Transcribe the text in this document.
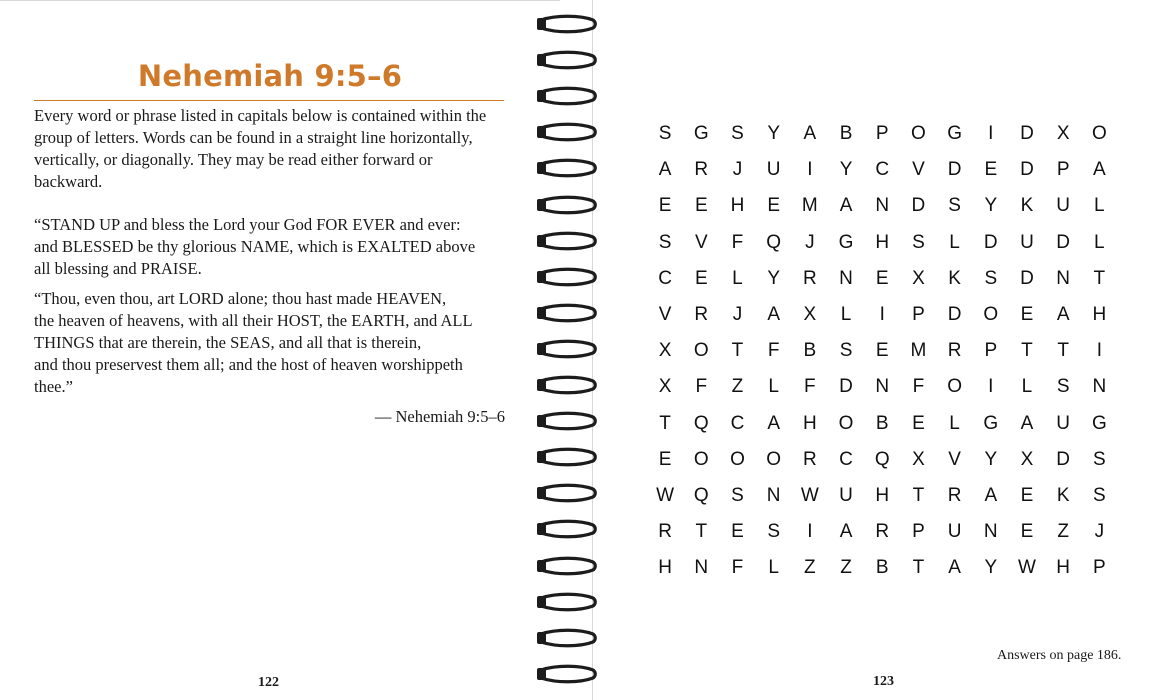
Nehemiah 9:5–6
Every word or phrase listed in capitals below is contained within the
group of letters. Words can be found in a straight line horizontally,
vertically, or diagonally. They may be read either forward or
backward.
“STAND UP and bless the Lord your God FOR EVER and ever:
and BLESSED be thy glorious NAME, which is EXALTED above
all blessing and PRAISE.
“Thou, even thou, art LORD alone; thou hast made HEAVEN,
the heaven of heavens, with all their HOST, the EARTH, and ALL
THINGS that are therein, the SEAS, and all that is therein,
and thou preservest them all; and the host of heaven worshippeth
thee.”
— Nehemiah 9:5–6
122
S	G	S	Y	A	B	P	O	G	I	D	X	O
A	R	J	U	I	Y	C	V	D	E	D	P	A
E	E	H	E	M	A	N	D	S	Y	K	U	L
S	V	F	Q	J	G	H	S	L	D	U	D	L
C	E	L	Y	R	N	E	X	K	S	D	N	T
V	R	J	A	X	L	I	P	D	O	E	A	H
X	O	T	F	B	S	E	M	R	P	T	T	I
X	F	Z	L	F	D	N	F	O	I	L	S	N
T	Q	C	A	H	O	B	E	L	G	A	U	G
E	O	O	O	R	C	Q	X	V	Y	X	D	S
W	Q	S	N	W	U	H	T	R	A	E	K	S
R	T	E	S	I	A	R	P	U	N	E	Z	J
H	N	F	L	Z	Z	B	T	A	Y	W	H	P
Answers on page 186.
123
